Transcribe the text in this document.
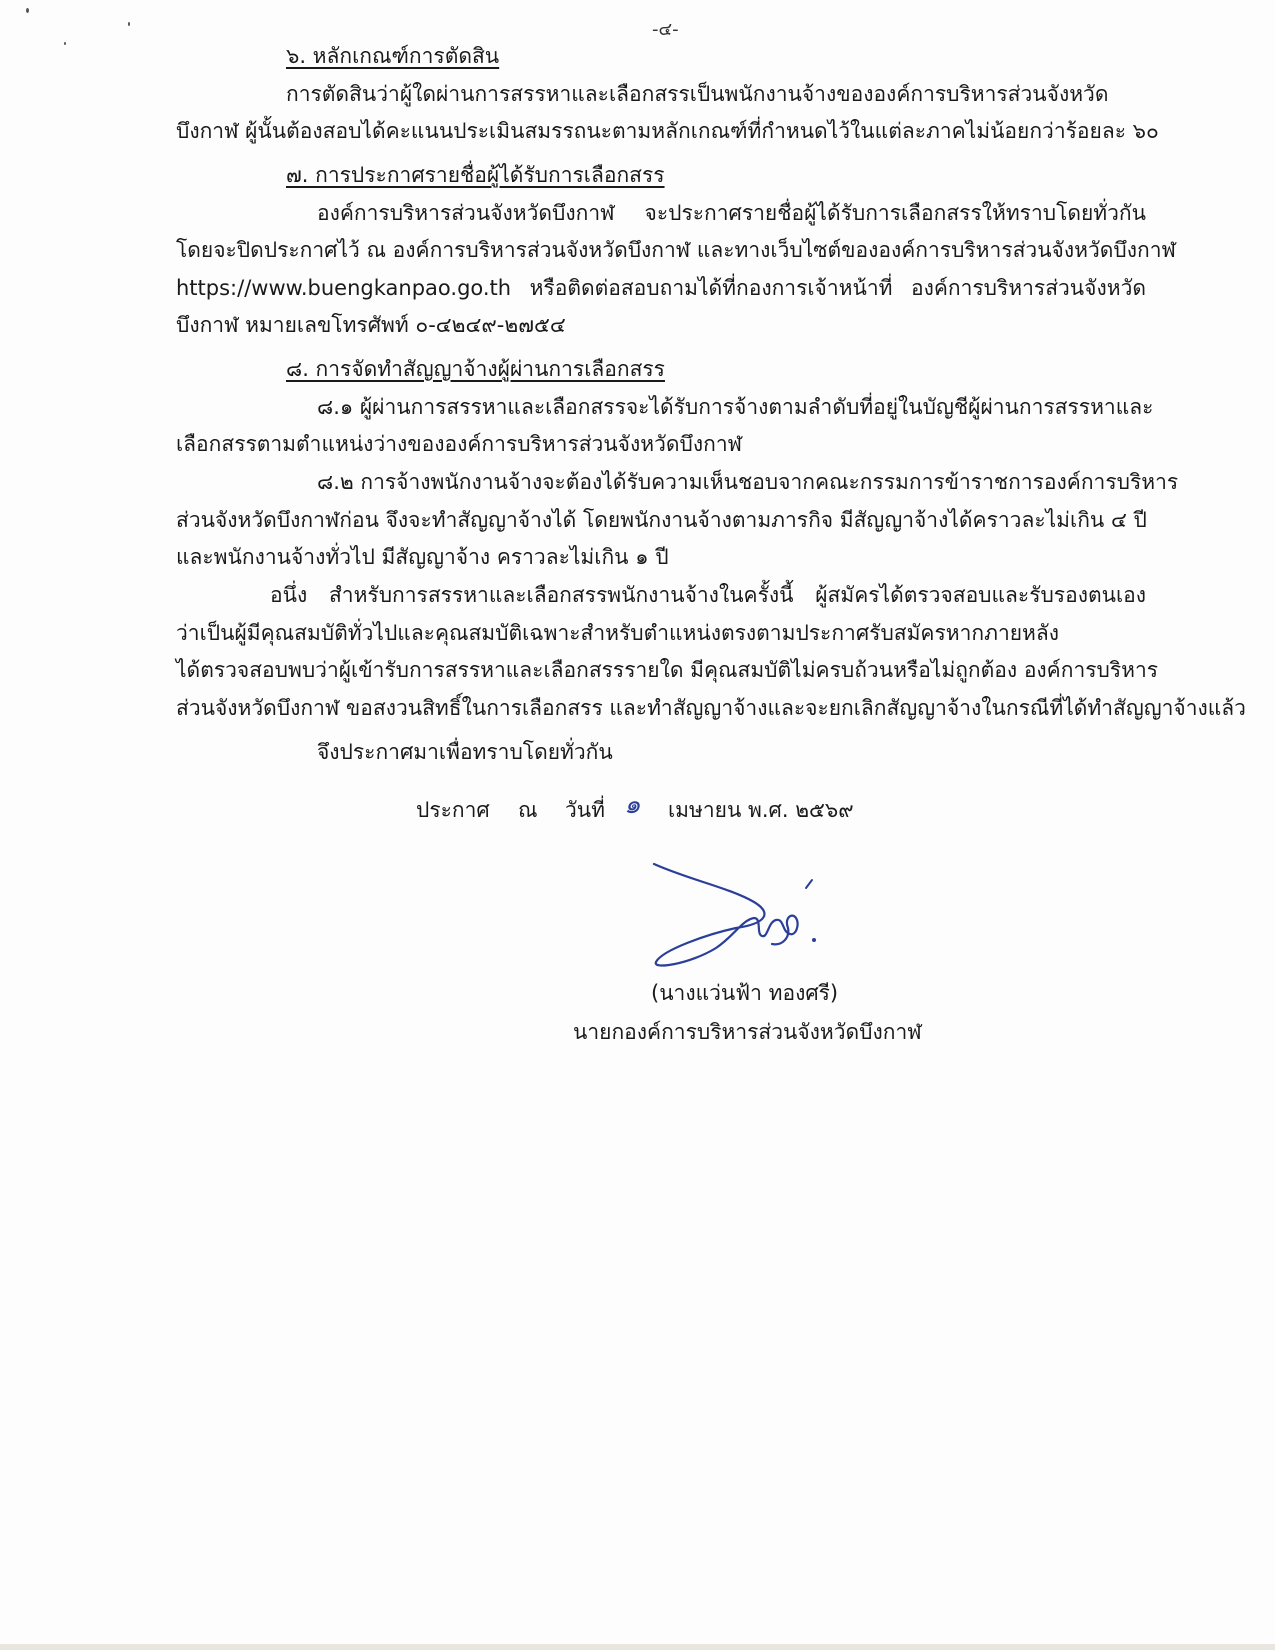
-๔-
๖. หลักเกณฑ์การตัดสิน
การตัดสินว่าผู้ใดผ่านการสรรหาและเลือกสรรเป็นพนักงานจ้างขององค์การบริหารส่วนจังหวัด
บึงกาฬ ผู้นั้นต้องสอบได้คะแนนประเมินสมรรถนะตามหลักเกณฑ์ที่กำหนดไว้ในแต่ละภาคไม่น้อยกว่าร้อยละ ๖๐
๗. การประกาศรายชื่อผู้ได้รับการเลือกสรร
องค์การบริหารส่วนจังหวัดบึงกาฬ จะประกาศรายชื่อผู้ได้รับการเลือกสรรให้ทราบโดยทั่วกัน
โดยจะปิดประกาศไว้ ณ องค์การบริหารส่วนจังหวัดบึงกาฬ และทางเว็บไซต์ขององค์การบริหารส่วนจังหวัดบึงกาฬ
https://www.buengkanpao.go.th หรือติดต่อสอบถามได้ที่กองการเจ้าหน้าที่ องค์การบริหารส่วนจังหวัด
บึงกาฬ หมายเลขโทรศัพท์ ๐-๔๒๔๙-๒๗๕๔
๘. การจัดทำสัญญาจ้างผู้ผ่านการเลือกสรร
๘.๑ ผู้ผ่านการสรรหาและเลือกสรรจะได้รับการจ้างตามลำดับที่อยู่ในบัญชีผู้ผ่านการสรรหาและ
เลือกสรรตามตำแหน่งว่างขององค์การบริหารส่วนจังหวัดบึงกาฬ
๘.๒ การจ้างพนักงานจ้างจะต้องได้รับความเห็นชอบจากคณะกรรมการข้าราชการองค์การบริหาร
ส่วนจังหวัดบึงกาฬก่อน จึงจะทำสัญญาจ้างได้ โดยพนักงานจ้างตามภารกิจ มีสัญญาจ้างได้คราวละไม่เกิน ๔ ปี
และพนักงานจ้างทั่วไป มีสัญญาจ้าง คราวละไม่เกิน ๑ ปี
อนึ่ง สำหรับการสรรหาและเลือกสรรพนักงานจ้างในครั้งนี้ ผู้สมัครได้ตรวจสอบและรับรองตนเอง
ว่าเป็นผู้มีคุณสมบัติทั่วไปและคุณสมบัติเฉพาะสำหรับตำแหน่งตรงตามประกาศรับสมัครหากภายหลัง
ได้ตรวจสอบพบว่าผู้เข้ารับการสรรหาและเลือกสรรรายใด มีคุณสมบัติไม่ครบถ้วนหรือไม่ถูกต้อง องค์การบริหาร
ส่วนจังหวัดบึงกาฬ ขอสงวนสิทธิ์ในการเลือกสรร และทำสัญญาจ้างและจะยกเลิกสัญญาจ้างในกรณีที่ได้ทำสัญญาจ้างแล้ว
จึงประกาศมาเพื่อทราบโดยทั่วกัน
ประกาศ ณ วันที่ ๑ เมษายน พ.ศ. ๒๕๖๙
(นางแว่นฟ้า ทองศรี)
นายกองค์การบริหารส่วนจังหวัดบึงกาฬ
